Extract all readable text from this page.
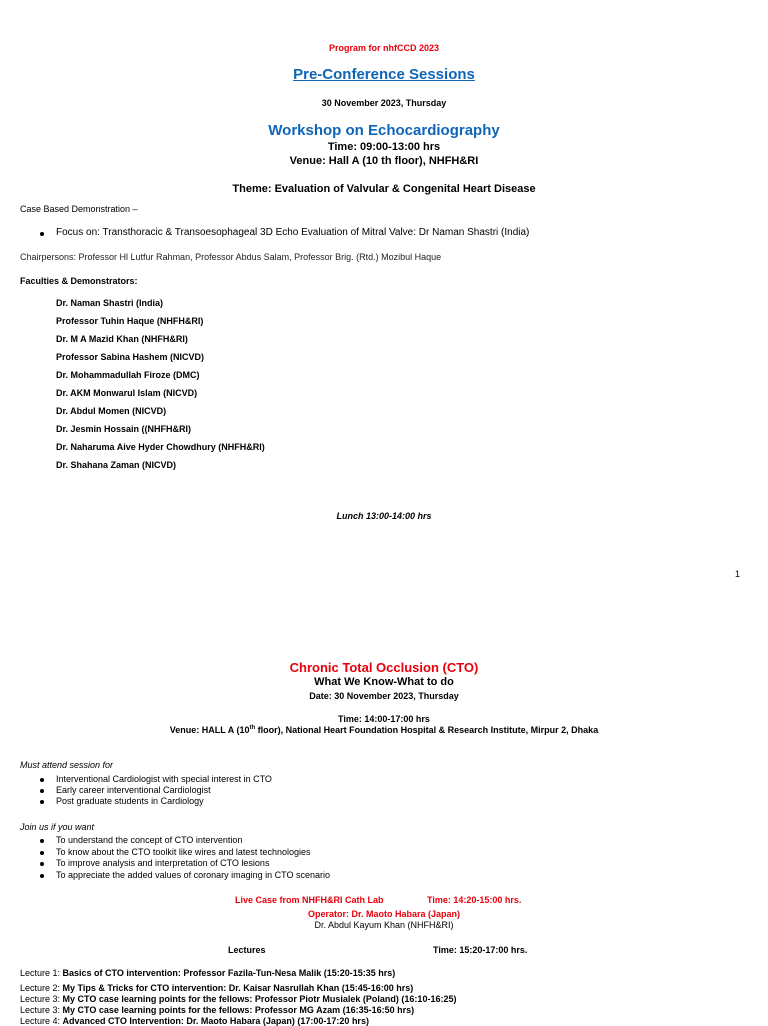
Program for nhfCCD 2023
Pre-Conference Sessions
30 November 2023, Thursday
Workshop on Echocardiography
Time: 09:00-13:00 hrs
Venue: Hall A (10 th floor), NHFH&RI
Theme: Evaluation of Valvular & Congenital Heart Disease
Case Based Demonstration –
Focus on: Transthoracic & Transoesophageal 3D Echo Evaluation of Mitral Valve: Dr Naman Shastri (India)
Chairpersons: Professor Hl Lutfur Rahman, Professor Abdus Salam, Professor Brig. (Rtd.) Mozibul Haque
Faculties & Demonstrators:
Dr. Naman Shastri (India)
Professor Tuhin Haque (NHFH&RI)
Dr. M A Mazid Khan (NHFH&RI)
Professor Sabina Hashem (NICVD)
Dr. Mohammadullah Firoze (DMC)
Dr. AKM Monwarul Islam (NICVD)
Dr. Abdul Momen (NICVD)
Dr. Jesmin Hossain ((NHFH&RI)
Dr. Naharuma Aive Hyder Chowdhury (NHFH&RI)
Dr. Shahana Zaman (NICVD)
Lunch 13:00-14:00 hrs
1
Chronic Total Occlusion (CTO)
What We Know-What to do
Date: 30 November 2023, Thursday
Time: 14:00-17:00 hrs
Venue: HALL A (10th floor), National Heart Foundation Hospital & Research Institute, Mirpur 2, Dhaka
Must attend session for
Interventional Cardiologist with special interest in CTO
Early career interventional Cardiologist
Post graduate students in Cardiology
Join us if you want
To understand the concept of CTO intervention
To know about the CTO toolkit like wires and latest technologies
To improve analysis and interpretation of CTO lesions
To appreciate the added values of coronary imaging in CTO scenario
Live Case from NHFH&RI Cath Lab	Time: 14:20-15:00 hrs.
Operator: Dr. Maoto Habara (Japan)
Dr. Abdul Kayum Khan (NHFH&RI)
Lectures	Time: 15:20-17:00 hrs.
Lecture 1: Basics of CTO intervention: Professor Fazila-Tun-Nesa Malik (15:20-15:35 hrs)
Lecture 2: My Tips & Tricks for CTO intervention: Dr. Kaisar Nasrullah Khan (15:45-16:00 hrs)
Lecture 3: My CTO case learning points for the fellows: Professor Piotr Musialek (Poland) (16:10-16:25)
Lecture 3: My CTO case learning points for the fellows: Professor MG Azam (16:35-16:50 hrs)
Lecture 4: Advanced CTO Intervention: Dr. Maoto Habara (Japan) (17:00-17:20 hrs)
